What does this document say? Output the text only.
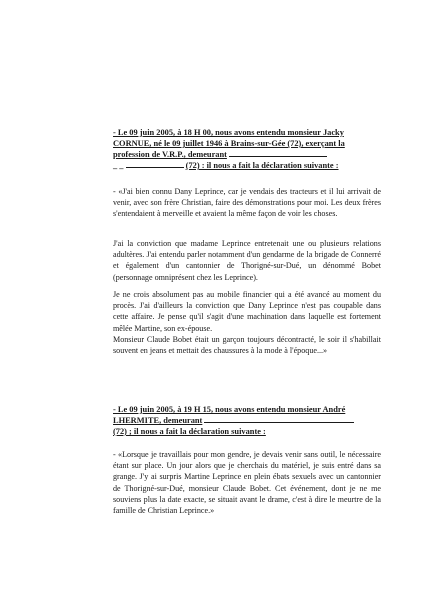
- Le 09 juin 2005, à 18 H 00, nous avons entendu monsieur Jacky

CORNUE, né le 09 juillet 1946 à Brains-sur-Gée (72), exerçant la

profession de V.R.P., demeurant

_ _	(72) : il nous a fait la déclaration suivante :

- «J'ai bien connu Dany Leprince, car je vendais des tracteurs et il lui arrivait de venir, avec son frère Christian, faire des démonstrations pour moi. Les deux frères s'entendaient à merveille et avaient la même façon de voir les choses.

J'ai la conviction que madame Leprince entretenait une ou plusieurs relations adultères. J'ai entendu parler notamment d'un gendarme de la brigade de Connerré et également d'un cantonnier de Thorigné-sur-Dué, un dénommé Bobet (personnage omniprésent chez les Leprince).

Je ne crois absolument pas au mobile financier qui a été avancé au moment du procès. J'ai d'ailleurs la conviction que Dany Leprince n'est pas coupable dans cette affaire. Je pense qu'il s'agit d'une machination dans laquelle est fortement mêlée Martine, son ex-épouse.

Monsieur Claude Bobet était un garçon toujours décontracté, le soir il s'habillait souvent en jeans et mettait des chaussures à la mode à l'époque...»

- Le 09 juin 2005, à 19 H 15, nous avons entendu monsieur André

LHERMITE, demeurant

(72) ; il nous a fait la déclaration suivante :

- «Lorsque je travaillais pour mon gendre, je devais venir sans outil, le nécessaire étant sur place. Un jour alors que je cherchais du matériel, je suis entré dans sa grange. J'y ai surpris Martine Leprince en plein ébats sexuels avec un cantonnier de Thorigné-sur-Dué, monsieur Claude Bobet. Cet événement, dont je ne me souviens plus la date exacte, se situait avant le drame, c'est à dire le meurtre de la famille de Christian Leprince.»
